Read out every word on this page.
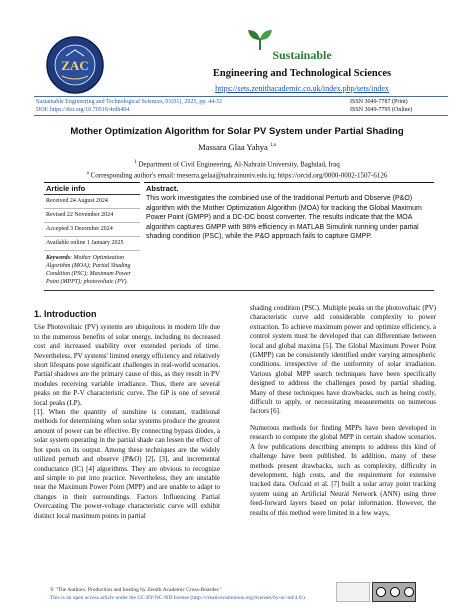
ZAC
Sustainable
Engineering and Technological Sciences
https://sets.zenithacademic.co.uk/index.php/sets/index
Sustainable Engineering and Technological Sciences, 01(01), 2025, pp. 44-51
DOI: https://doi.org/10.70516/4rdh404
ISSN 3049-7787 (Print)
ISSN 3049-7795 (Online)
Mother Optimization Algorithm for Solar PV System under Partial Shading
Massara Glaa Yahya $^{1,a}$
$^1$ Department of Civil Engineering, Al-Nahrain University, Baghdad, Iraq
$^a$ Corresponding author's email: meserra.gelaa@nahrainuniv.edu.iq; https://orcid.org/0000-0002-1507-6126
Article info
Received 24 August 2024
Revised 22 November 2024
Accepted 3 December 2024
Available online 1 January 2025
Keywords: Mother Optimization Algorithm (MOA); Partial Shading Condition (PSC); Maximum Power Point (MPPT); photovoltaic (PV).
Abstract.
This work investigates the combined use of the traditional Perturb and Observe (P&O) algorithm with the Mother Optimization Algorithm (MOA) for tracking the Global Maximum Power Point (GMPP) and a DC-DC boost converter. The results indicate that the MOA algorithm captures GMPP with 98% efficiency in MATLAB Simulink running under partial shading condition (PSC), while the P&O approach fails to capture GMPP.
1. Introduction

Use Photovoltaic (PV) systems are ubiquitous in modern life due to the numerous benefits of solar energy, including its decreased cost and increased usability over extended periods of time. Nevertheless, PV systems' limited energy efficiency and relatively short lifespans pose significant challenges in real-world scenarios. Partial shadows are the primary cause of this, as they result in PV modules receiving variable irradiance. Thus, there are several peaks on the P-V characteristic curve. The GP is one of several local peaks (LP).

[1]. When the quantity of sunshine is constant, traditional methods for determining when solar systems produce the greatest amount of power can be effective. By connecting bypass diodes, a solar system operating in the partial shade can lessen the effect of hot spots on its output. Among these techniques are the widely utilized perturb and observe (P&O) [2], [3], and incremental conductance (IC) [4] algorithms. They are obvious to recognize and simple to put into practice. Nevertheless, they are unstable near the Maximum Power Point (MPP) and are unable to adapt to changes in their surroundings. Factors Influencing Partial Overcasting The power-voltage characteristic curve will exhibit distinct local maximum points in partial

shading condition (PSC). Multiple peaks on the photovoltaic (PV) characteristic curve add considerable complexity to power extraction. To achieve maximum power and optimize efficiency, a control system must be developed that can differentiate between local and global maxima [5]. The Global Maximum Power Point (GMPP) can be consistently identified under varying atmospheric conditions, irrespective of the uniformity of solar irradiation. Various global MPP search techniques have been specifically designed to address the challenges posed by partial shading. Many of these techniques have drawbacks, such as being costly, difficult to apply, or necessitating measurements on numerous factors [6].

Numerous methods for finding MPPs have been developed in research to compute the global MPP in certain shadow scenarios. A few publications describing attempts to address this kind of challenge have been published. In addition, many of these methods present drawbacks, such as complexity, difficulty in development, high costs, and the requirement for extensive tracked data. Oufcaid et al. [7] built a solar array point tracking system using an Artificial Neural Network (ANN) using three feed-forward layers based on polar information. However, the results of this method were limited in a few ways,

© "The Authors. Production and hosting by Zenith Academic Cross-Boarder."
This is an open access article under the CC BY-NC-ND license (http://creativecommons.org/licenses/by-nc-nd/4.0/).
